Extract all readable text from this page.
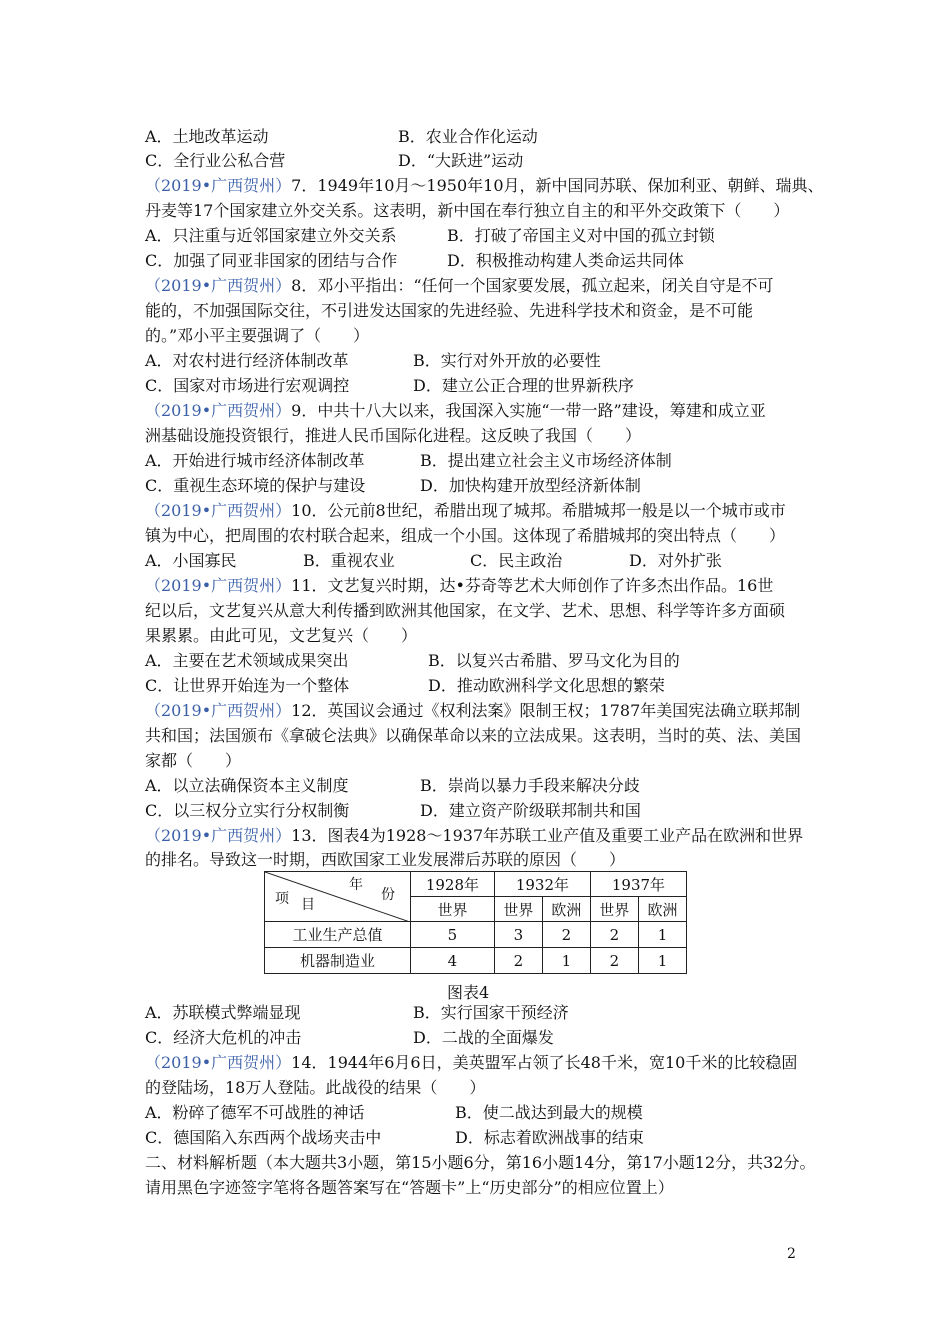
A．土地改革运动	B．农业合作化运动
C．全行业公私合营	D．“大跃进”运动
（2019•广西贺州）7．1949年10月～1950年10月，新中国同苏联、保加利亚、朝鲜、瑞典、
丹麦等17个国家建立外交关系。这表明，新中国在奉行独立自主的和平外交政策下（　　）
A．只注重与近邻国家建立外交关系	B．打破了帝国主义对中国的孤立封锁
C．加强了同亚非国家的团结与合作	D．积极推动构建人类命运共同体
（2019•广西贺州）8．邓小平指出：“任何一个国家要发展，孤立起来，闭关自守是不可
能的，不加强国际交往，不引进发达国家的先进经验、先进科学技术和资金，是不可能
的。”邓小平主要强调了（　　）
A．对农村进行经济体制改革	B．实行对外开放的必要性
C．国家对市场进行宏观调控	D．建立公正合理的世界新秩序
（2019•广西贺州）9．中共十八大以来，我国深入实施“一带一路”建设，筹建和成立亚
洲基础设施投资银行，推进人民币国际化进程。这反映了我国（　　）
A．开始进行城市经济体制改革	B．提出建立社会主义市场经济体制
C．重视生态环境的保护与建设	D．加快构建开放型经济新体制
（2019•广西贺州）10．公元前8世纪，希腊出现了城邦。希腊城邦一般是以一个城市或市
镇为中心，把周围的农村联合起来，组成一个小国。这体现了希腊城邦的突出特点（　　）
A．小国寡民	B．重视农业	C．民主政治	D．对外扩张
（2019•广西贺州）11．文艺复兴时期，达•芬奇等艺术大师创作了许多杰出作品。16世
纪以后，文艺复兴从意大利传播到欧洲其他国家，在文学、艺术、思想、科学等许多方面硕
果累累。由此可见，文艺复兴（　　）
A．主要在艺术领域成果突出	B．以复兴古希腊、罗马文化为目的
C．让世界开始连为一个整体	D．推动欧洲科学文化思想的繁荣
（2019•广西贺州）12．英国议会通过《权利法案》限制王权；1787年美国宪法确立联邦制
共和国；法国颁布《拿破仑法典》以确保革命以来的立法成果。这表明，当时的英、法、美国
家都（　　）
A．以立法确保资本主义制度	B．崇尚以暴力手段来解决分歧
C．以三权分立实行分权制衡	D．建立资产阶级联邦制共和国
（2019•广西贺州）13．图表4为1928～1937年苏联工业产值及重要工业产品在欧洲和世界
的排名。导致这一时期，西欧国家工业发展滞后苏联的原因（　　）
年
份
项 目	1928年	1932年		1937年	
	世界	世界	欧洲	世界	欧洲
工业生产总值	5	3	2	2	1
机器制造业	4	2	1	2	1
图表4
A．苏联模式弊端显现	B．实行国家干预经济
C．经济大危机的冲击	D．二战的全面爆发
（2019•广西贺州）14．1944年6月6日，美英盟军占领了长48千米，宽10千米的比较稳固
的登陆场，18万人登陆。此战役的结果（　　）
A．粉碎了德军不可战胜的神话	B．使二战达到最大的规模
C．德国陷入东西两个战场夹击中	D．标志着欧洲战事的结束
二、材料解析题（本大题共3小题，第15小题6分，第16小题14分，第17小题12分，共32分。
请用黑色字迹签字笔将各题答案写在“答题卡”上“历史部分”的相应位置上）
2
